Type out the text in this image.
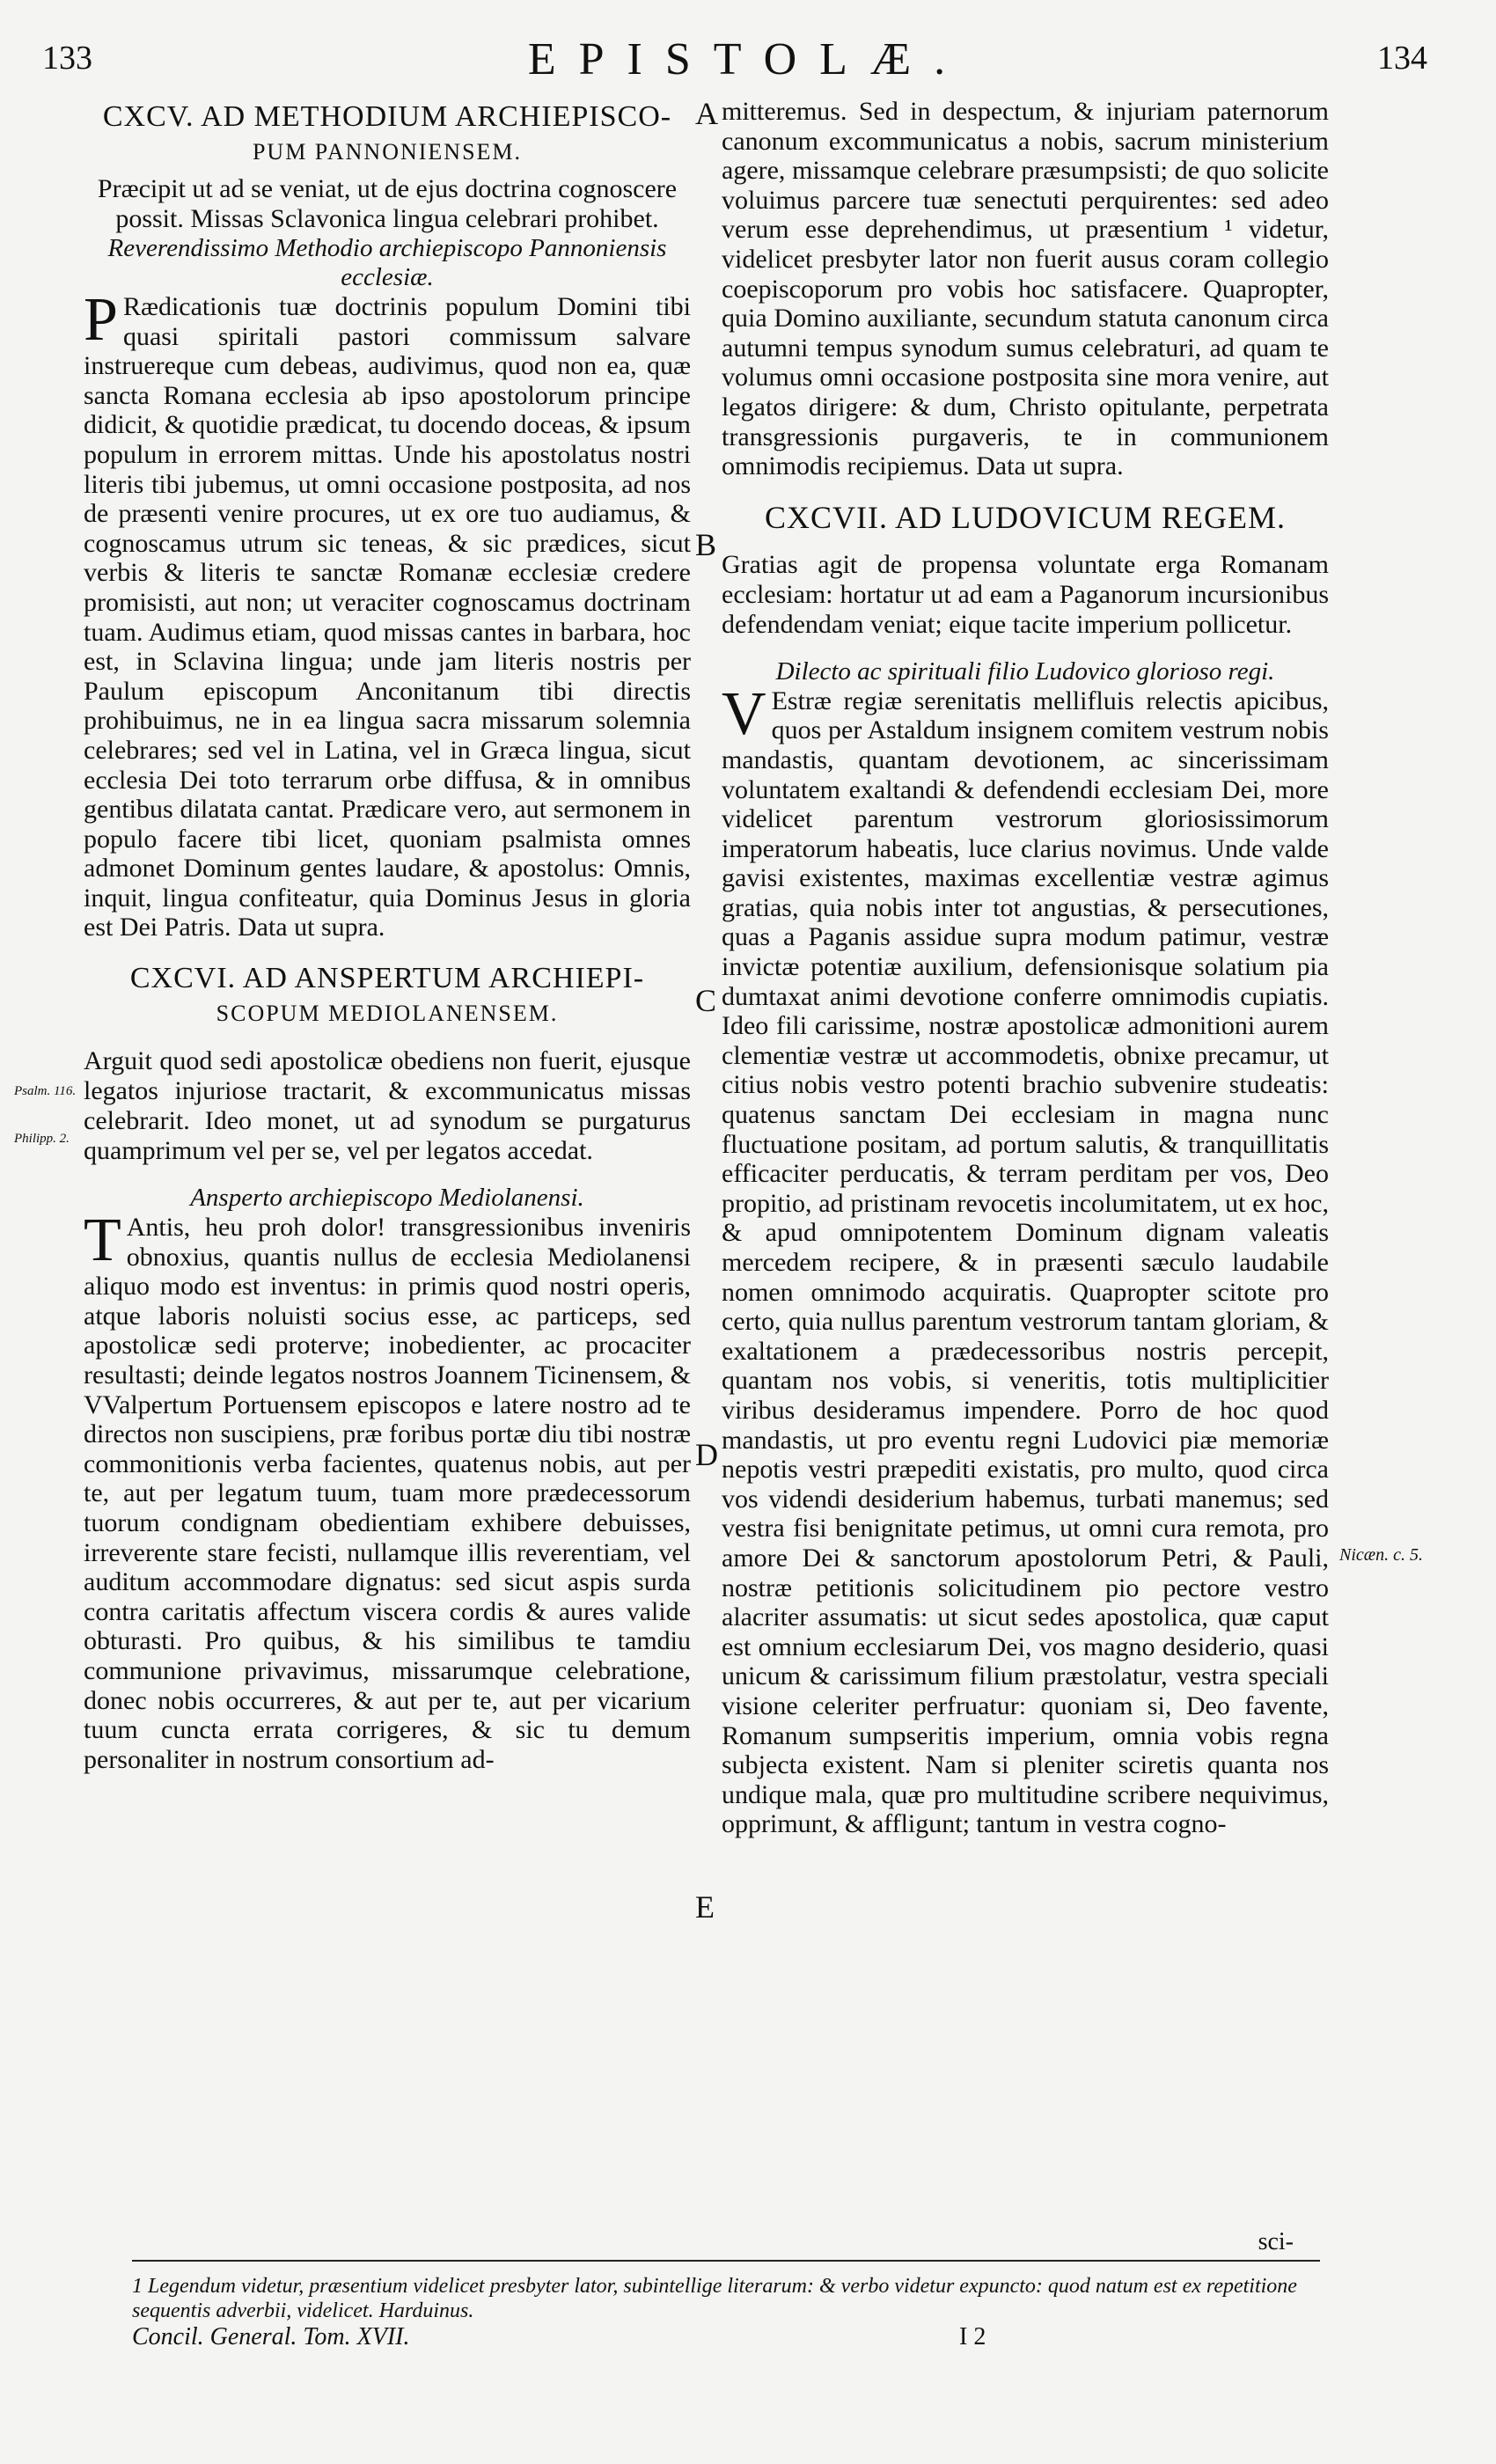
133	EPISTOLÆ.	134
CXCV. AD METHODIUM ARCHIEPISCO-
PUM PANNONIENSEM.

Præcipit ut ad se veniat, ut de ejus doctrina cognoscere possit. Missas Sclavonica lingua celebrari prohibet.

Reverendissimo Methodio archiepiscopo Pannoniensis ecclesiæ.

P Rædicationis tuæ doctrinis populum Domini tibi quasi spiritali pastori commissum salvare instruereque cum debeas, audivimus, quod non ea, quæ sancta Romana ecclesia ab ipso apostolorum principe didicit, & quotidie prædicat, tu docendo doceas, & ipsum populum in errorem mittas. Unde his apostolatus nostri literis tibi jubemus, ut omni occasione postposita, ad nos de præsenti venire procures, ut ex ore tuo audiamus, & cognoscamus utrum sic teneas, & sic prædices, sicut verbis & literis te sanctæ Romanæ ecclesiæ credere promisisti, aut non; ut veraciter cognoscamus doctrinam tuam. Audimus etiam, quod missas cantes in barbara, hoc est, in Sclavina lingua; unde jam literis nostris per Paulum episcopum Anconitanum tibi directis prohibuimus, ne in ea lingua sacra missarum solemnia celebrares; sed vel in Latina, vel in Græca lingua, sicut ecclesia Dei toto terrarum orbe diffusa, & in omnibus gentibus dilatata cantat. Prædicare vero, aut sermonem in populo facere tibi licet, quoniam psalmista omnes admonet Dominum gentes laudare, & apostolus: Omnis, inquit, lingua confiteatur, quia Dominus Jesus in gloria est Dei Patris. Data ut supra.

CXCVI. AD ANSPERTUM ARCHIEPI-
SCOPUM MEDIOLANENSEM.

Arguit quod sedi apostolicæ obediens non fuerit, ejusque legatos injuriose tractarit, & excommunicatus missas celebrarit. Ideo monet, ut ad synodum se purgaturus quamprimum vel per se, vel per legatos accedat.

Ansperto archiepiscopo Mediolanensi.

T Antis, heu proh dolor! transgressionibus inveniris obnoxius, quantis nullus de ecclesia Mediolanensi aliquo modo est inventus: in primis quod nostri operis, atque laboris noluisti socius esse, ac particeps, sed apostolicæ sedi proterve; inobedienter, ac procaciter resultasti; deinde legatos nostros Joannem Ticinensem, & VValpertum Portuensem episcopos e latere nostro ad te directos non suscipiens, præ foribus portæ diu tibi nostræ commonitionis verba facientes, quatenus nobis, aut per te, aut per legatum tuum, tuam more prædecessorum tuorum condignam obedientiam exhibere debuisses, irreverente stare fecisti, nullamque illis reverentiam, vel auditum accommodare dignatus: sed sicut aspis surda contra caritatis affectum viscera cordis & aures valide obturasti. Pro quibus, & his similibus te tamdiu communione privavimus, missarumque celebratione, donec nobis occurreres, & aut per te, aut per vicarium tuum cuncta errata corrigeres, & sic tu demum personaliter in nostrum consortium ad-

mitteremus. Sed in despectum, & injuriam paternorum canonum excommunicatus a nobis, sacrum ministerium agere, missamque celebrare præsumpsisti; de quo solicite voluimus parcere tuæ senectuti perquirentes: sed adeo verum esse deprehendimus, ut præsentium ¹ videtur, videlicet presbyter lator non fuerit ausus coram collegio coepiscoporum pro vobis hoc satisfacere. Quapropter, quia Domino auxiliante, secundum statuta canonum circa autumni tempus synodum sumus celebraturi, ad quam te volumus omni occasione postposita sine mora venire, aut legatos dirigere: & dum, Christo opitulante, perpetrata transgressionis purgaveris, te in communionem omnimodis recipiemus. Data ut supra.

CXCVII. AD LUDOVICUM REGEM.

Gratias agit de propensa voluntate erga Romanam ecclesiam: hortatur ut ad eam a Paganorum incursionibus defendendam veniat; eique tacite imperium pollicetur.

Dilecto ac spirituali filio Ludovico glorioso regi.

V Estræ regiæ serenitatis mellifluis relectis apicibus, quos per Astaldum insignem comitem vestrum nobis mandastis, quantam devotionem, ac sincerissimam voluntatem exaltandi & defendendi ecclesiam Dei, more videlicet parentum vestrorum gloriosissimorum imperatorum habeatis, luce clarius novimus. Unde valde gavisi existentes, maximas excellentiæ vestræ agimus gratias, quia nobis inter tot angustias, & persecutiones, quas a Paganis assidue supra modum patimur, vestræ invictæ potentiæ auxilium, defensionisque solatium pia dumtaxat animi devotione conferre omnimodis cupiatis. Ideo fili carissime, nostræ apostolicæ admonitioni aurem clementiæ vestræ ut accommodetis, obnixe precamur, ut citius nobis vestro potenti brachio subvenire studeatis: quatenus sanctam Dei ecclesiam in magna nunc fluctuatione positam, ad portum salutis, & tranquillitatis efficaciter perducatis, & terram perditam per vos, Deo propitio, ad pristinam revocetis incolumitatem, ut ex hoc, & apud omnipotentem Dominum dignam valeatis mercedem recipere, & in præsenti sæculo laudabile nomen omnimodo acquiratis. Quapropter scitote pro certo, quia nullus parentum vestrorum tantam gloriam, & exaltationem a prædecessoribus nostris percepit, quantam nos vobis, si veneritis, totis multiplicitier viribus desideramus impendere. Porro de hoc quod mandastis, ut pro eventu regni Ludovici piæ memoriæ nepotis vestri præpediti existatis, pro multo, quod circa vos videndi desiderium habemus, turbati manemus; sed vestra fisi benignitate petimus, ut omni cura remota, pro amore Dei & sanctorum apostolorum Petri, & Pauli, nostræ petitionis solicitudinem pio pectore vestro alacriter assumatis: ut sicut sedes apostolica, quæ caput est omnium ecclesiarum Dei, vos magno desiderio, quasi unicum & carissimum filium præstolatur, vestra speciali visione celeriter perfruatur: quoniam si, Deo favente, Romanum sumpseritis imperium, omnia vobis regna subjecta existent. Nam si pleniter sciretis quanta nos undique mala, quæ pro multitudine scribere nequivimus, opprimunt, & affligunt; tantum in vestra cogno-

A
B
C
D
E
Psalm. 116.
Philipp. 2.
Nicæn. c. 5.
sci-
1 Legendum videtur, præsentium videlicet presbyter lator, subintellige literarum: & verbo videtur expuncto: quod natum est ex repetitione sequentis adverbii, videlicet. Harduinus.
Concil. General. Tom. XVII.	I 2
